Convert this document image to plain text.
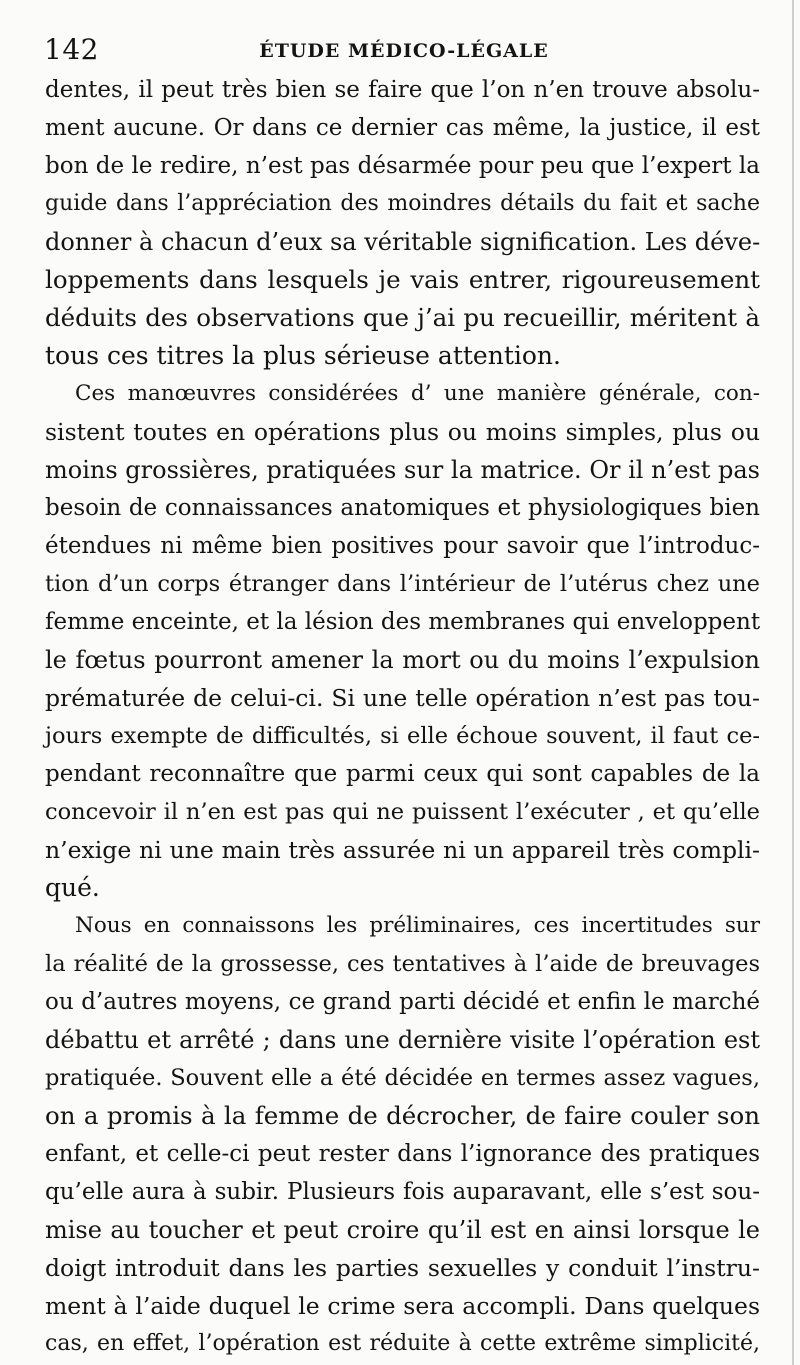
142	ÉTUDE MÉDICO-LÉGALE
dentes, il peut très bien se faire que l’on n’en trouve absolu-
ment aucune. Or dans ce dernier cas même, la justice, il est
bon de le redire, n’est pas désarmée pour peu que l’expert la
guide dans l’appréciation des moindres détails du fait et sache
donner à chacun d’eux sa véritable signification. Les déve-
loppements dans lesquels je vais entrer, rigoureusement
déduits des observations que j’ai pu recueillir, méritent à
tous ces titres la plus sérieuse attention.
Ces manœuvres considérées d’ une manière générale, con-
sistent toutes en opérations plus ou moins simples, plus ou
moins grossières, pratiquées sur la matrice. Or il n’est pas
besoin de connaissances anatomiques et physiologiques bien
étendues ni même bien positives pour savoir que l’introduc-
tion d’un corps étranger dans l’intérieur de l’utérus chez une
femme enceinte, et la lésion des membranes qui enveloppent
le fœtus pourront amener la mort ou du moins l’expulsion
prématurée de celui-ci. Si une telle opération n’est pas tou-
jours exempte de difficultés, si elle échoue souvent, il faut ce-
pendant reconnaître que parmi ceux qui sont capables de la
concevoir il n’en est pas qui ne puissent l’exécuter , et qu’elle
n’exige ni une main très assurée ni un appareil très compli-
qué.
Nous en connaissons les préliminaires, ces incertitudes sur
la réalité de la grossesse, ces tentatives à l’aide de breuvages
ou d’autres moyens, ce grand parti décidé et enfin le marché
débattu et arrêté ; dans une dernière visite l’opération est
pratiquée. Souvent elle a été décidée en termes assez vagues,
on a promis à la femme de décrocher, de faire couler son
enfant, et celle-ci peut rester dans l’ignorance des pratiques
qu’elle aura à subir. Plusieurs fois auparavant, elle s’est sou-
mise au toucher et peut croire qu’il est en ainsi lorsque le
doigt introduit dans les parties sexuelles y conduit l’instru-
ment à l’aide duquel le crime sera accompli. Dans quelques
cas, en effet, l’opération est réduite à cette extrême simplicité,
